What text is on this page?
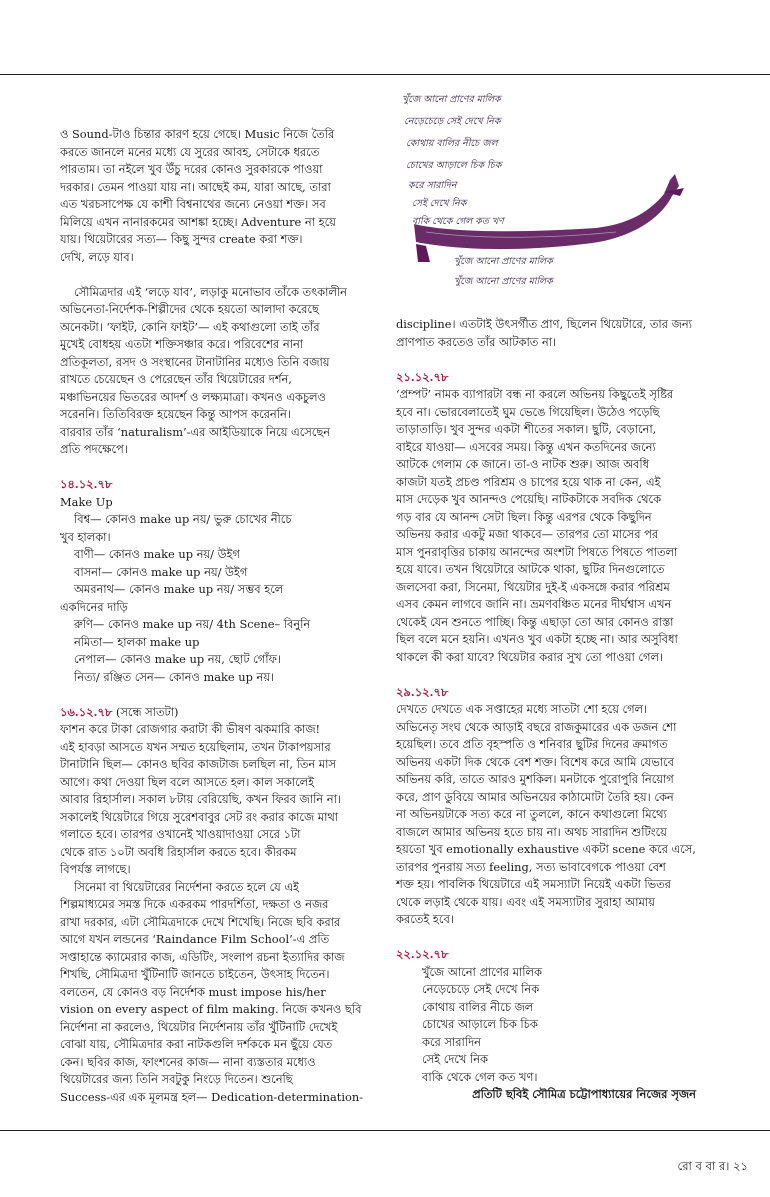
ও Sound-টাও চিন্তার কারণ হয়ে গেছে। Music নিজে তৈরি

করতে জানলে মনের মধ্যে যে সুরের আবহ, সেটাকে ধরতে

পারতাম। তা নইলে খুব উঁচু দরের কোনও সুরকারকে পাওয়া

দরকার। তেমন পাওয়া যায় না। আছেই কম, যারা আছে, তারা

এত খরচসাপেক্ষ যে কাশী বিশ্বনাথের জন্যে নেওয়া শক্ত। সব

মিলিয়ে এখন নানারকমের আশঙ্কা হচ্ছে। Adventure না হয়ে

যায়। থিয়েটারের সত্য— কিছু সুন্দর create করা শক্ত।

দেখি, লড়ে যাব।

সৌমিত্রদার এই ‘লড়ে যাব’, লড়াকু মনোভাব তাঁকে তৎকালীন

অভিনেতা-নির্দেশক-শিল্পীদের থেকে হয়তো আলাদা করেছে

অনেকটা। ‘ফাইট, কোনি ফাইট’— এই কথাগুলো তাই তাঁর

মুখেই বোধহয় এতটা শক্তিসঞ্চার করে। পরিবেশের নানা

প্রতিকূলতা, রসদ ও সংস্থানের টানাটানির মধ্যেও তিনি বজায়

রাখতে চেয়েছেন ও পেরেছেন তাঁর থিয়েটারের দর্শন,

মঞ্চাভিনয়ের ভিতরের আদর্শ ও লক্ষ্যমাত্রা। কখনও একচুলও

সরেননি। তিতিবিরক্ত হয়েছেন কিন্তু আপস করেননি।

বারবার তাঁর ‘naturalism’-এর আইডিয়াকে নিয়ে এসেছেন

প্রতি পদক্ষেপে।

১৪.১২.৭৮

Make Up

বিশ্ব— কোনও make up নয়/ ভুরু চোখের নীচে

খুব হালকা।

বাণী— কোনও make up নয়/ উইগ

বাসনা— কোনও make up নয়/ উইগ

অমরনাথ— কোনও make up নয়/ সম্ভব হলে

একদিনের দাড়ি

রুণি— কোনও make up নয়/ 4th Scene– বিনুনি

নমিতা— হালকা make up

নেপাল— কোনও make up নয়, ছোট গোঁফ।

নিত্য/ রঞ্জিত সেন— কোনও make up নয়।

১৬.১২.৭৮ (সন্ধে সাতটা)

ফাশন করে টাকা রোজগার করাটা কী ভীষণ ঝকমারি কাজ!

এই হাবড়া আসতে যখন সম্মত হয়েছিলাম, তখন টাকাপয়সার

টানাটানি ছিল— কোনও ছবির কাজটাজ চলছিল না, তিন মাস

আগে। কথা দেওয়া ছিল বলে আসতে হল। কাল সকালেই

আবার রিহার্সাল। সকাল ৮টায় বেরিয়েছি, কখন ফিরব জানি না।

সকালেই থিয়েটারে গিয়ে সুরেশবাবুর সেট রং করার কাজে মাথা

গলাতে হবে। তারপর ওখানেই খাওয়াদাওয়া সেরে ১টা

থেকে রাত ১০টা অবধি রিহার্সাল করতে হবে। কীরকম

বিপর্যস্ত লাগছে।

সিনেমা বা থিয়েটারের নির্দেশনা করতে হলে যে এই

শিল্পমাধ্যমের সমস্ত দিকে একরকম পারদর্শিতা, দক্ষতা ও নজর

রাখা দরকার, এটা সৌমিত্রদাকে দেখে শিখেছি। নিজে ছবি করার

আগে যখন লন্ডনের ‘Raindance Film School’-এ প্রতি

সপ্তাহান্তে ক্যামেরার কাজ, এডিটিং, সংলাপ রচনা ইত্যাদির কাজ

শিখছি, সৌমিত্রদা খুঁটিনাটি জানতে চাইতেন, উৎসাহ দিতেন।

বলতেন, যে কোনও বড় নির্দেশক must impose his/her

vision on every aspect of film making. নিজে কখনও ছবি

নির্দেশনা না করলেও, থিয়েটার নির্দেশনায় তাঁর খুঁটিনাটি দেখেই

বোঝা যায়, সৌমিত্রদার করা নাটকগুলি দর্শককে মন ছুঁয়ে যেত

কেন। ছবির কাজ, ফাংশনের কাজ— নানা ব্যস্ততার মধ্যেও

থিয়েটারের জন্য তিনি সবটুকু নিংড়ে দিতেন। শুনেছি

Success-এর এক মূলমন্ত্র হল— Dedication-determination-

খুঁজে আনো প্রাণের মালিক
নেড়েচেড়ে সেই দেখে নিক
কোথায় বালির নীচে জল
চোখের আড়ালে চিক চিক
করে সারাদিন
সেই দেখে নিক
বাকি থেকে গেল কত খণ
খুঁজে আনো প্রাণের মালিক
খুঁজে আনো প্রাণের মালিক

discipline। এতটাই উৎসর্গীত প্রাণ, ছিলেন থিয়েটারে, তার জন্য

প্রাণপাত করতেও তাঁর আটকাত না।

২১.১২.৭৮

‘প্রম্পট’ নামক ব্যাপারটা বন্ধ না করলে অভিনয় কিছুতেই সৃষ্টির

হবে না। ভোরবেলাতেই ঘুম ভেঙে গিয়েছিল। উঠেও পড়েছি

তাড়াতাড়ি। খুব সুন্দর একটা শীতের সকাল। ছুটি, বেড়ানো,

বাইরে যাওয়া— এসবের সময়। কিন্তু এখন কতদিনের জন্যে

আটকে গেলাম কে জানে। তা-ও নাটক শুরু। আজ অবধি

কাজটা যতই প্রচণ্ড পরিশ্রম ও চাপের হয়ে থাক না কেন, এই

মাস দেড়েক খুব আনন্দও পেয়েছি। নাটকটাকে সবদিক থেকে

গড় বার যে আনন্দ সেটা ছিল। কিন্তু এরপর থেকে কিছুদিন

অভিনয় করার একটু মজা থাকবে— তারপর তো মাসের পর

মাস পুনরাবৃত্তির চাকায় আনন্দের অংশটা পিষতে পিষতে পাতলা

হয়ে যাবে। তখন থিয়েটারে আটকে থাকা, ছুটির দিনগুলোতে

জলসেবা করা, সিনেমা, থিয়েটার দুই-ই একসঙ্গে করার পরিশ্রম

এসব কেমন লাগবে জানি না। ভ্রমণবঞ্চিত মনের দীর্ঘশ্বাস এখন

থেকেই যেন শুনতে পাচ্ছি। কিন্তু এছাড়া তো আর কোনও রাস্তা

ছিল বলে মনে হয়নি। এখনও খুব একটা হচ্ছে না। আর অসুবিধা

থাকলে কী করা যাবে? থিয়েটার করার সুখ তো পাওয়া গেল।

২৯.১২.৭৮

দেখতে দেখতে এক সপ্তাহের মধ্যে সাতটা শো হয়ে গেল।

অভিনেতৃ সংঘ থেকে আড়াই বছরে রাজকুমারের এক ডজন শো

হয়েছিল। তবে প্রতি বৃহস্পতি ও শনিবার ছুটির দিনের ক্রমাগত

অভিনয় একটা দিক থেকে বেশ শক্ত। বিশেষ করে আমি যেভাবে

অভিনয় করি, তাতে আরও মুশকিল। মনটাকে পুরোপুরি নিয়োগ

করে, প্রাণ ডুবিয়ে আমার অভিনয়ের কাঠামোটা তৈরি হয়। কেন

না অভিনয়টাকে সত্য করে না তুললে, কানে কথাগুলো মিথ্যে

বাজলে আমার অভিনয় হতে চায় না। অথচ সারাদিন শুটিংয়ে

হয়তো খুব emotionally exhaustive একটা scene করে এসে,

তারপর পুনরায় সত্য feeling, সত্য ভাবাবেগকে পাওয়া বেশ

শক্ত হয়। পাবলিক থিয়েটারে এই সমস্যাটা নিয়েই একটা ভিতর

থেকে লড়াই থেকে যায়। এবং এই সমস্যাটার সুরাহা আমায়

করতেই হবে।

২২.১২.৭৮

খুঁজে আনো প্রাণের মালিক

নেড়েচেড়ে সেই দেখে নিক

কোথায় বালির নীচে জল

চোখের আড়ালে চিক চিক

করে সারাদিন

সেই দেখে নিক

বাকি থেকে গেল কত খণ।

প্রতিটি ছবিই সৌমিত্র চট্টোপাধ্যায়ের নিজের সৃজন

রো ব বা র। ২১
